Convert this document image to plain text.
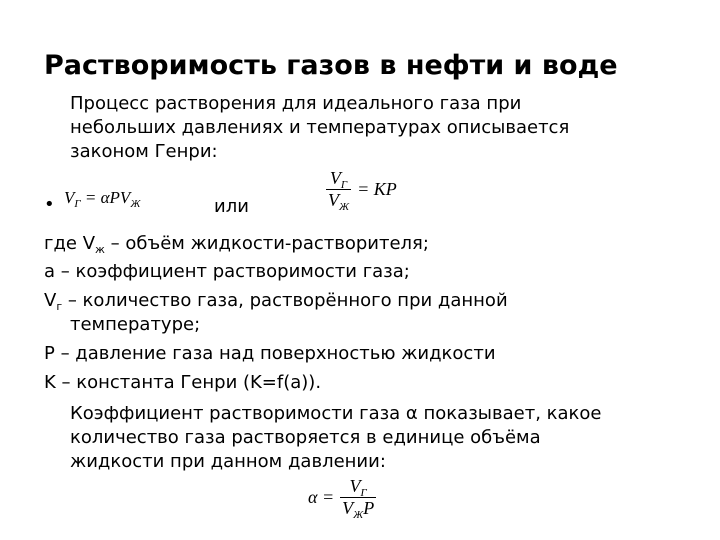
Растворимость газов в нефти и воде
Процесс растворения для идеального газа при
небольших давлениях и температурах описывается
законом Генри:
• $V_Г = \alpha PV_Ж$	или	$\frac{V_Г}{V_Ж}$ = KP
где $V_ж$ – объём жидкости-растворителя;
a – коэффициент растворимости газа;
$V_г$ – количество газа, растворённого при данной
температуре;
P – давление газа над поверхностью жидкости
K – константа Генри (K=f(a)).
Коэффициент растворимости газа α показывает, какое
количество газа растворяется в единице объёма
жидкости при данном давлении:
$\alpha = \frac{V_Г}{V_ЖP}$
